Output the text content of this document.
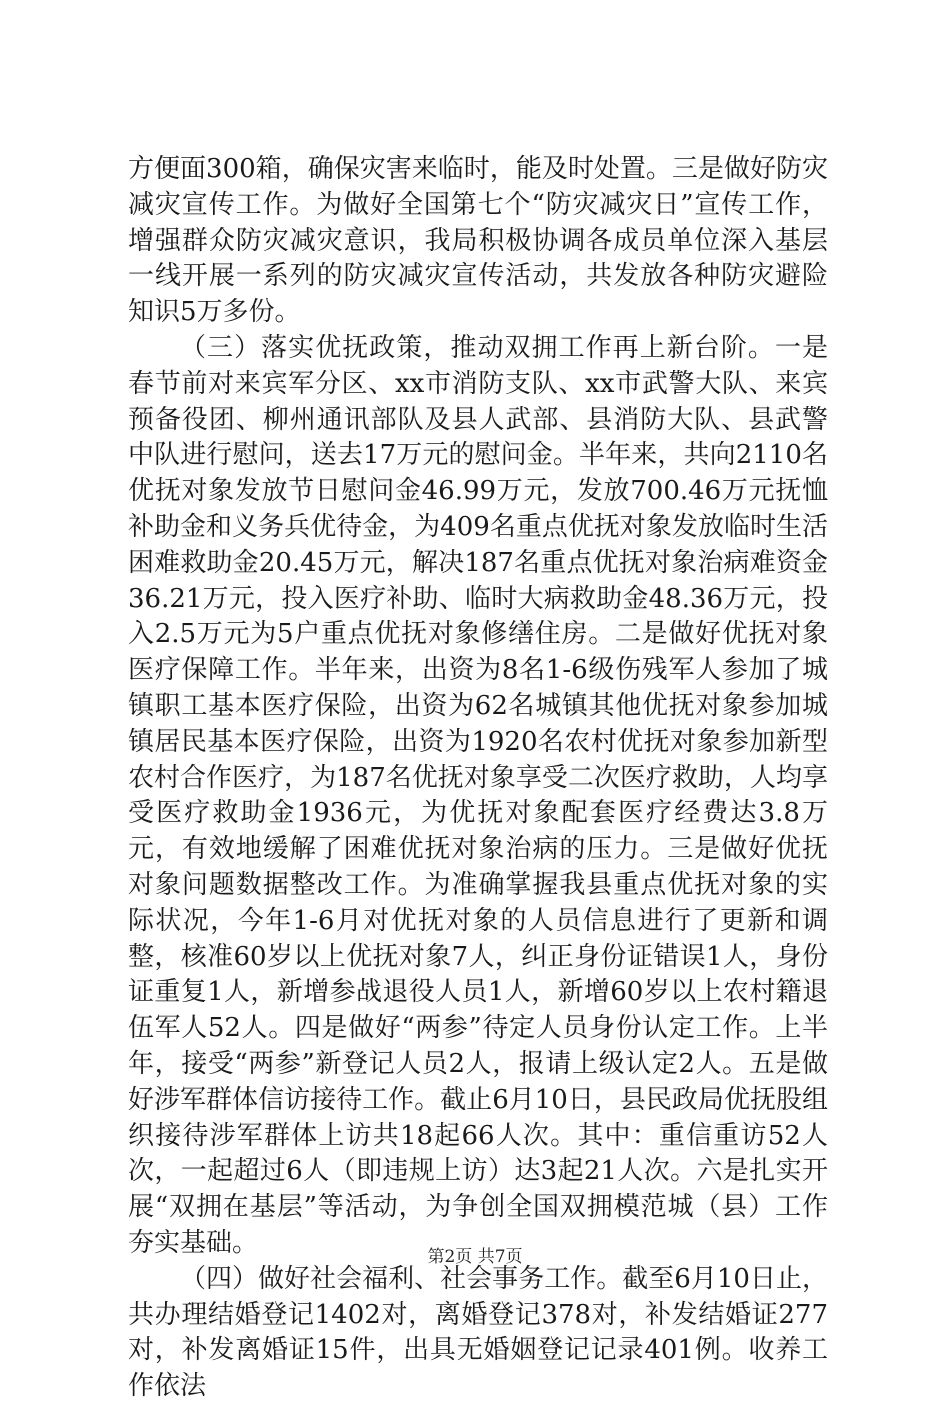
方便面300箱，确保灾害来临时，能及时处置。三是做好防灾减灾宣传工作。为做好全国第七个“防灾减灾日”宣传工作，增强群众防灾减灾意识，我局积极协调各成员单位深入基层一线开展一系列的防灾减灾宣传活动，共发放各种防灾避险知识5万多份。

（三）落实优抚政策，推动双拥工作再上新台阶。一是春节前对来宾军分区、xx市消防支队、xx市武警大队、来宾预备役团、柳州通讯部队及县人武部、县消防大队、县武警中队进行慰问，送去17万元的慰问金。半年来，共向2110名优抚对象发放节日慰问金46.99万元，发放700.46万元抚恤补助金和义务兵优待金，为409名重点优抚对象发放临时生活困难救助金20.45万元，解决187名重点优抚对象治病难资金36.21万元，投入医疗补助、临时大病救助金48.36万元，投入2.5万元为5户重点优抚对象修缮住房。二是做好优抚对象医疗保障工作。半年来，出资为8名1-6级伤残军人参加了城镇职工基本医疗保险，出资为62名城镇其他优抚对象参加城镇居民基本医疗保险，出资为1920名农村优抚对象参加新型农村合作医疗，为187名优抚对象享受二次医疗救助，人均享受医疗救助金1936元，为优抚对象配套医疗经费达3.8万元，有效地缓解了困难优抚对象治病的压力。三是做好优抚对象问题数据整改工作。为准确掌握我县重点优抚对象的实际状况，今年1-6月对优抚对象的人员信息进行了更新和调整，核准60岁以上优抚对象7人，纠正身份证错误1人，身份证重复1人，新增参战退役人员1人，新增60岁以上农村籍退伍军人52人。四是做好“两参”待定人员身份认定工作。上半年，接受“两参”新登记人员2人，报请上级认定2人。五是做好涉军群体信访接待工作。截止6月10日，县民政局优抚股组织接待涉军群体上访共18起66人次。其中：重信重访52人次，一起超过6人（即违规上访）达3起21人次。六是扎实开展“双拥在基层”等活动，为争创全国双拥模范城（县）工作夯实基础。

（四）做好社会福利、社会事务工作。截至6月10日止，共办理结婚登记1402对，离婚登记378对，补发结婚证277对，补发离婚证15件，出具无婚姻登记记录401例。收养工作依法

第2页 共7页
